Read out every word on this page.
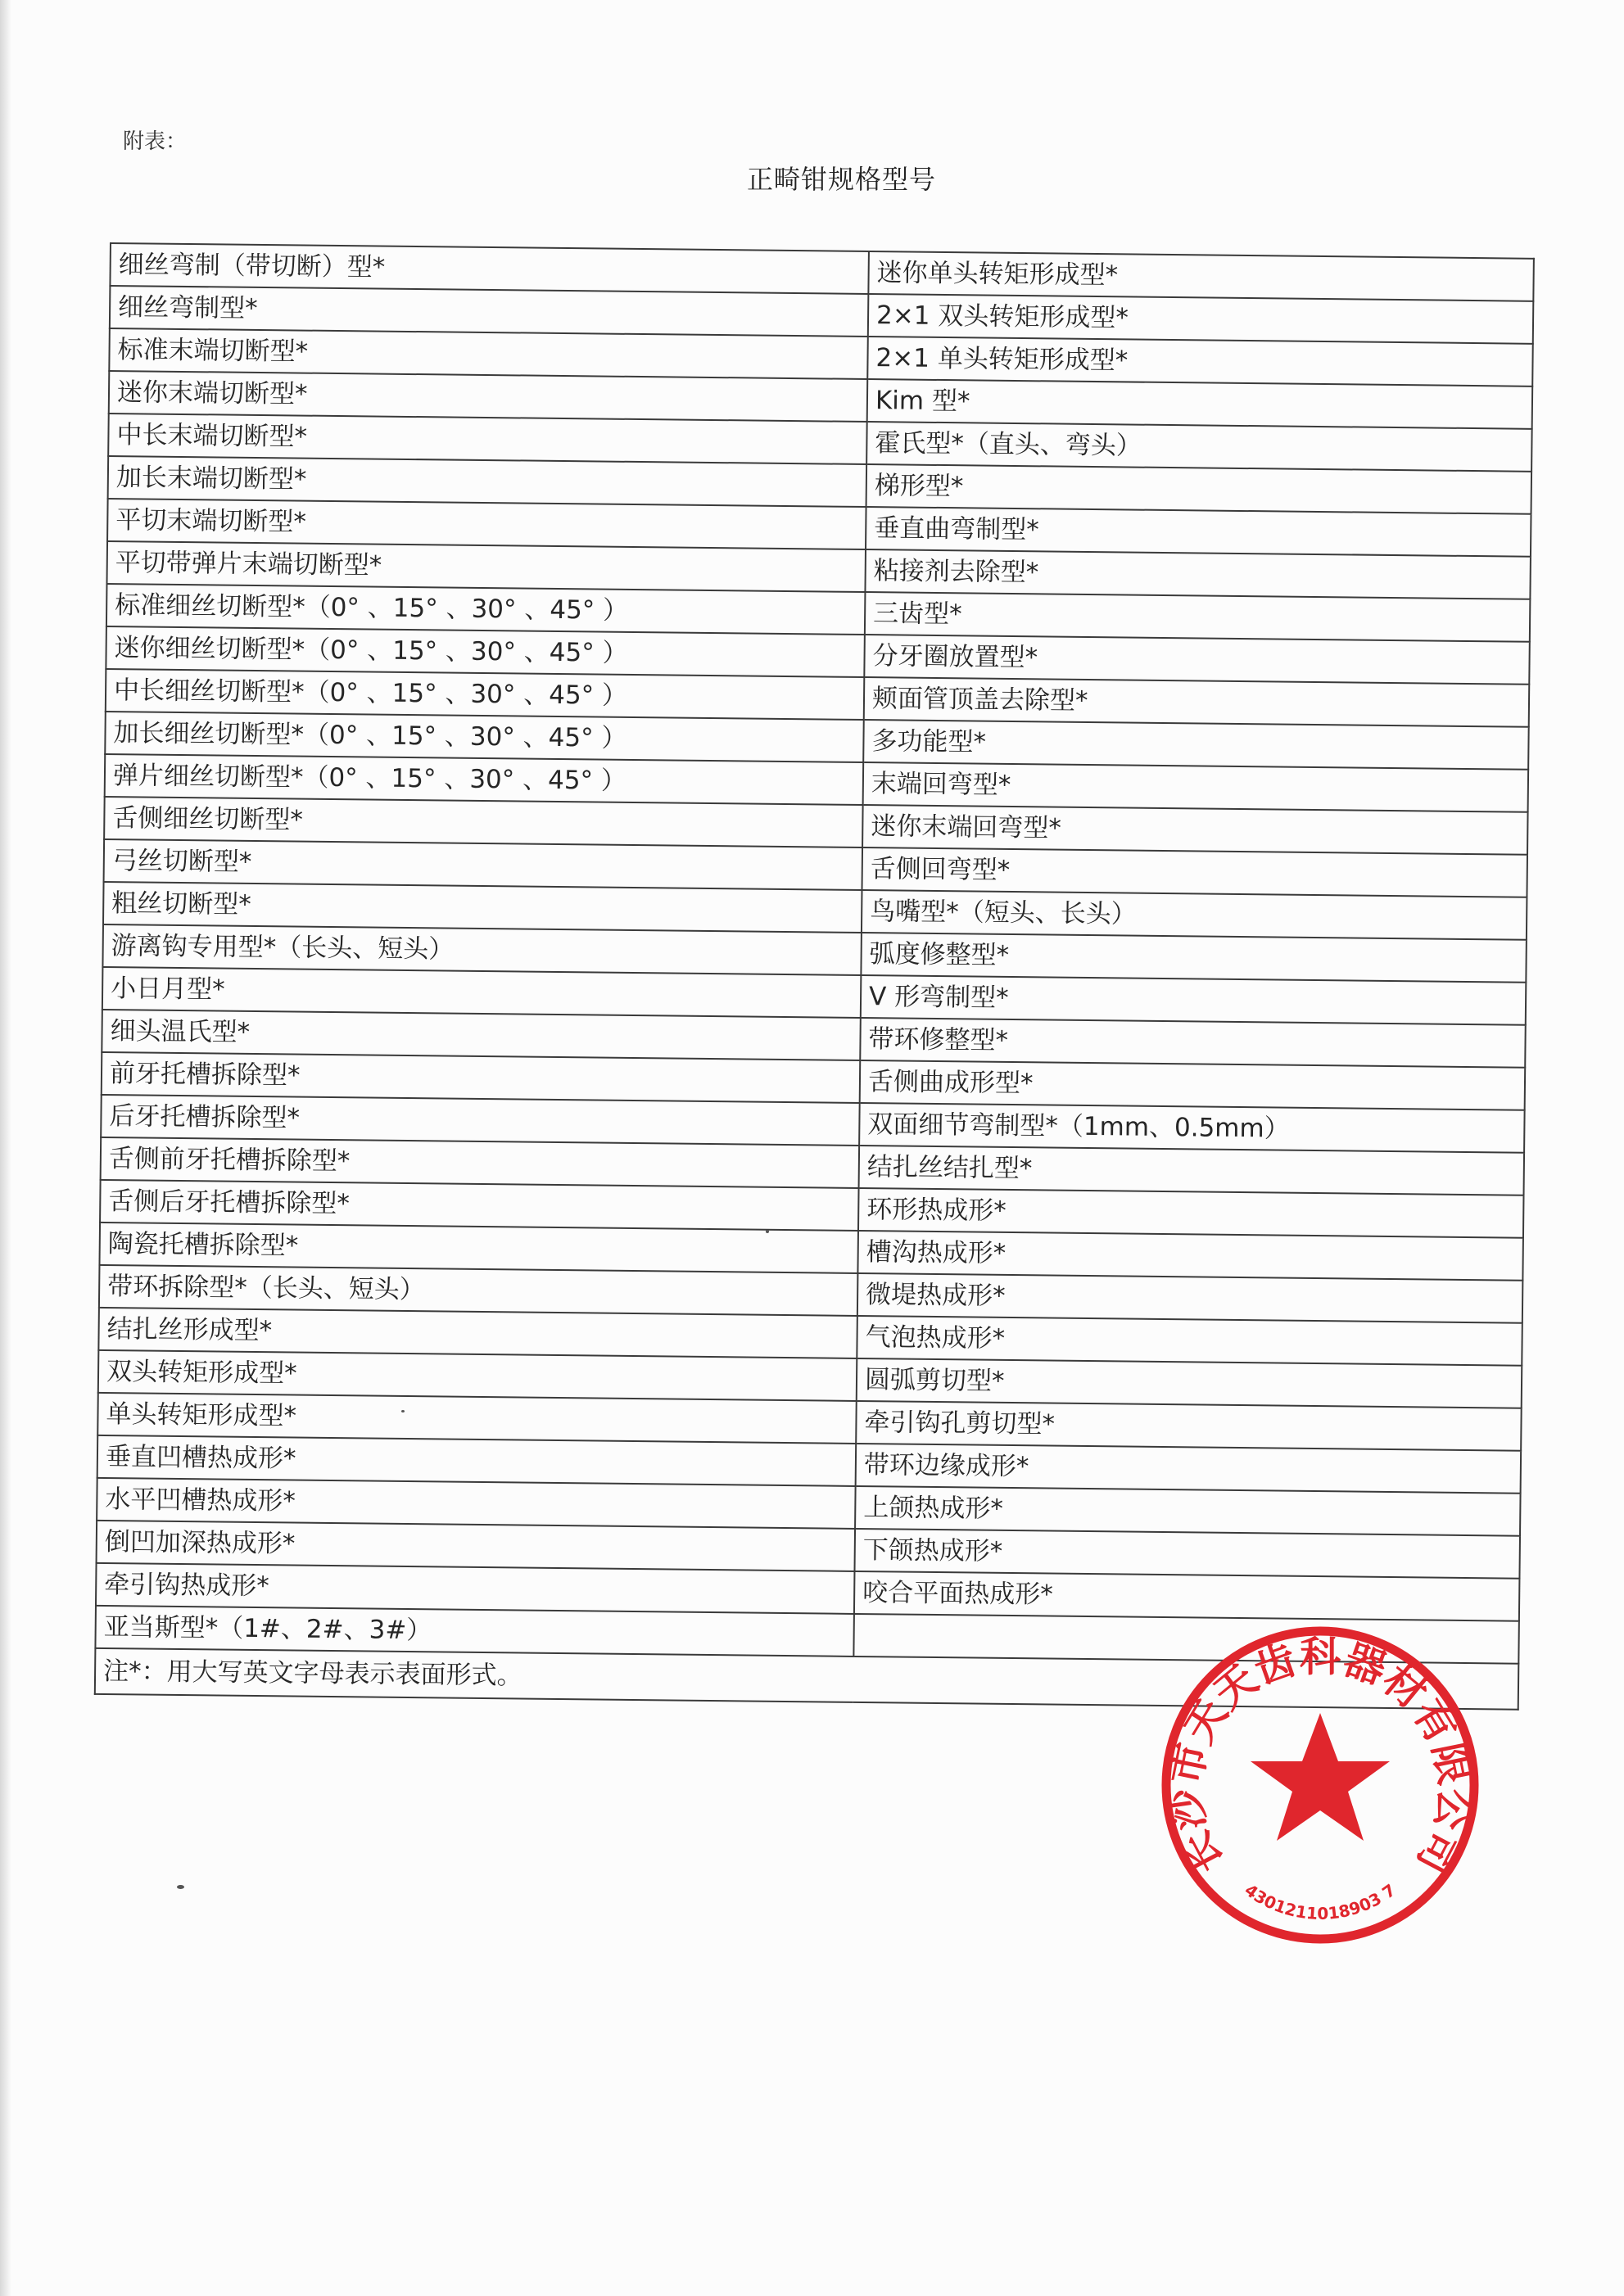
附表：
正畸钳规格型号
细丝弯制（带切断）型*	迷你单头转矩形成型*
细丝弯制型*	2×1 双头转矩形成型*
标准末端切断型*	2×1 单头转矩形成型*
迷你末端切断型*	Kim 型*
中长末端切断型*	霍氏型*（直头、弯头）
加长末端切断型*	梯形型*
平切末端切断型*	垂直曲弯制型*
平切带弹片末端切断型*	粘接剂去除型*
标准细丝切断型*（0° 、15° 、30° 、45° ）	三齿型*
迷你细丝切断型*（0° 、15° 、30° 、45° ）	分牙圈放置型*
中长细丝切断型*（0° 、15° 、30° 、45° ）	颊面管顶盖去除型*
加长细丝切断型*（0° 、15° 、30° 、45° ）	多功能型*
弹片细丝切断型*（0° 、15° 、30° 、45° ）	末端回弯型*
舌侧细丝切断型*	迷你末端回弯型*
弓丝切断型*	舌侧回弯型*
粗丝切断型*	鸟嘴型*（短头、长头）
游离钩专用型*（长头、短头）	弧度修整型*
小日月型*	V 形弯制型*
细头温氏型*	带环修整型*
前牙托槽拆除型*	舌侧曲成形型*
后牙托槽拆除型*	双面细节弯制型*（1mm、0.5mm）
舌侧前牙托槽拆除型*	结扎丝结扎型*
舌侧后牙托槽拆除型*	环形热成形*
陶瓷托槽拆除型*	槽沟热成形*
带环拆除型*（长头、短头）	微堤热成形*
结扎丝形成型*	气泡热成形*
双头转矩形成型*	圆弧剪切型*
单头转矩形成型*	牵引钩孔剪切型*
垂直凹槽热成形*	带环边缘成形*
水平凹槽热成形*	上颌热成形*
倒凹加深热成形*	下颌热成形*
牵引钩热成形*	咬合平面热成形*
亚当斯型*（1#、2#、3#）	
注*：用大写英文字母表示表面形式。	
长沙市天天齿科器材有限公司
4301211018903 7
